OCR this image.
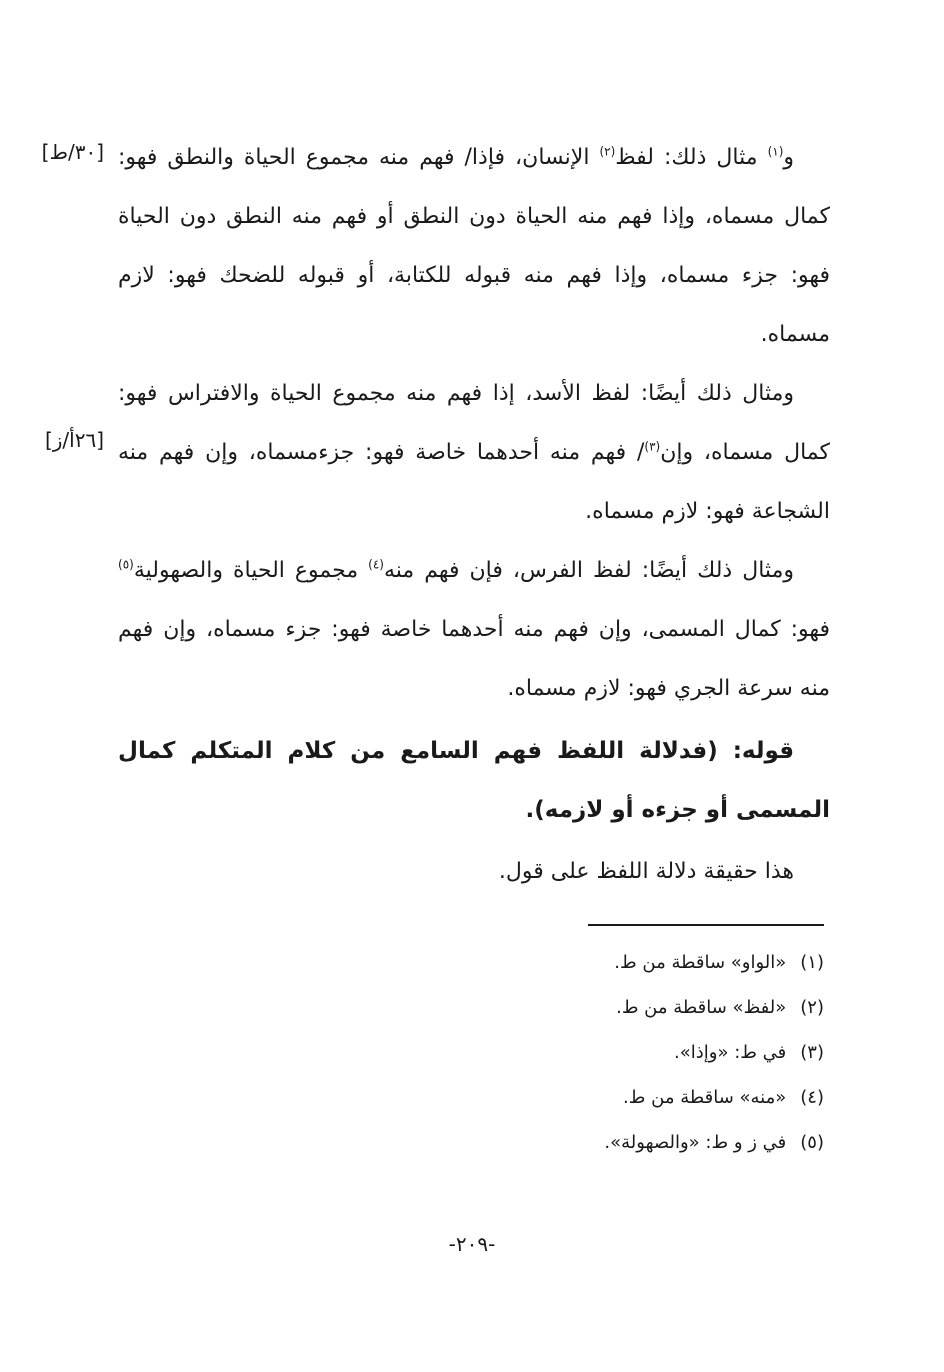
[٣٠/ط]
[٢٦أ/ز]

و$^{(١)}$ مثال ذلك: لفظ$^{(٢)}$ الإنسان، فإذا/ فهم منه مجموع الحياة والنطق فهو: كمال مسماه، وإذا فهم منه الحياة دون النطق أو فهم منه النطق دون الحياة فهو: جزء مسماه، وإذا فهم منه قبوله للكتابة، أو قبوله للضحك فهو: لازم مسماه.

ومثال ذلك أيضًا: لفظ الأسد، إذا فهم منه مجموع الحياة والافتراس فهو: كمال مسماه، وإن$^{(٣)}$/ فهم منه أحدهما خاصة فهو: جزءمسماه، وإن فهم منه الشجاعة فهو: لازم مسماه.

ومثال ذلك أيضًا: لفظ الفرس، فإن فهم منه$^{(٤)}$ مجموع الحياة والصهولية$^{(٥)}$ فهو: كمال المسمى، وإن فهم منه أحدهما خاصة فهو: جزء مسماه، وإن فهم منه سرعة الجري فهو: لازم مسماه.

قوله: (فدلالة اللفظ فهم السامع من كلام المتكلم كمال المسمى أو جزءه أو لازمه).

هذا حقيقة دلالة اللفظ على قول.

(١)«الواو» ساقطة من ط.
(٢)«لفظ» ساقطة من ط.
(٣)في ط: «وإذا».
(٤)«منه» ساقطة من ط.
(٥)في ز و ط: «والصهولة».
-٢٠٩-
